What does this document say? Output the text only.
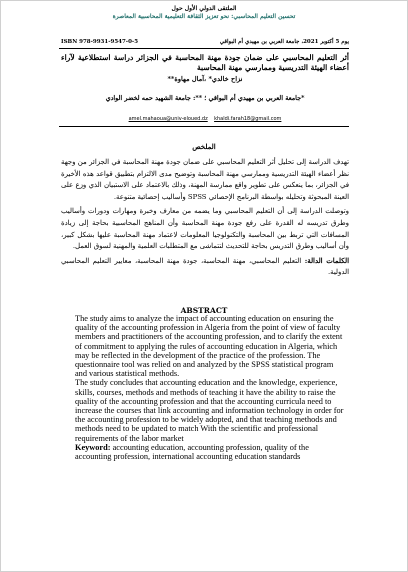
الملتقى الدولي الأول حول
تحسين التعليم المحاسبي: نحو تعزيز الثقافة التعليمية المحاسبية المعاصرة
ISBN 978-9931-9547-0-5	يوم 5 أكتوبر 2021، جامعة العربي بن مهيدي أم البواقي
أثر التعليم المحاسبي على ضمان جودة مهنة المحاسبة في الجزائر دراسة استطلاعية لآراء أعضاء الهيئة التدريسية وممارسي مهنة المحاسبة
نزاح خالدي* ،آمال مهاوة**
*جامعة العربي بن مهيدي أم البواقي ؛ **: جامعة الشهيد حمه لخضر الوادي
amel.mahaoua@univ-eloued.dz khaldi.farah18@gmail.com
الملخص

تهدف الدراسة إلى تحليل أثر التعليم المحاسبي على ضمان جودة مهنة المحاسبة في الجزائر من وجهة نظر أعضاء الهيئة التدريسية وممارسي مهنة المحاسبة وتوضيح مدى الالتزام بتطبيق قواعد هذه الأخيرة في الجزائر، بما ينعكس على تطوير واقع ممارسة المهنة، وذلك بالاعتماد على الاستبيان الذي وزع على العينة المبحوثة وتحليله بواسطة البرنامج الإحصائي SPSS وأساليب إحصائية متنوعة.

وتوصلت الدراسة إلى أن التعليم المحاسبي وما يضمه من معارف وخبرة ومهارات ودورات وأساليب وطرق تدريسه له القدرة على رفع جودة مهنة المحاسبة وأن المناهج المحاسبية بحاجة إلى زيادة المسافات التي تربط بين المحاسبة والتكنولوجيا المعلومات لاعتماد مهنة المحاسبة عليها بشكل كبير، وأن أساليب وطرق التدريس بحاجة للتحديث لتتماشى مع المتطلبات العلمية والمهنية لسوق العمل.

الكلمات الدالة: التعليم المحاسبي، مهنة المحاسبة، جودة مهنة المحاسبة، معايير التعليم المحاسبي الدولية.

ABSTRACT

The study aims to analyze the impact of accounting education on ensuring the quality of the accounting profession in Algeria from the point of view of faculty members and practitioners of the accounting profession, and to clarify the extent of commitment to applying the rules of accounting education in Algeria, which may be reflected in the development of the practice of the profession. The questionnaire tool was relied on and analyzed by the SPSS statistical program and various statistical methods.

The study concludes that accounting education and the knowledge, experience, skills, courses, methods and methods of teaching it have the ability to raise the quality of the accounting profession and that the accounting curricula need to increase the courses that link accounting and information technology in order for the accounting profession to be widely adopted, and that teaching methods and methods need to be updated to match With the scientific and professional requirements of the labor market

Keyword: accounting education, accounting profession, quality of the accounting profession, international accounting education standards
